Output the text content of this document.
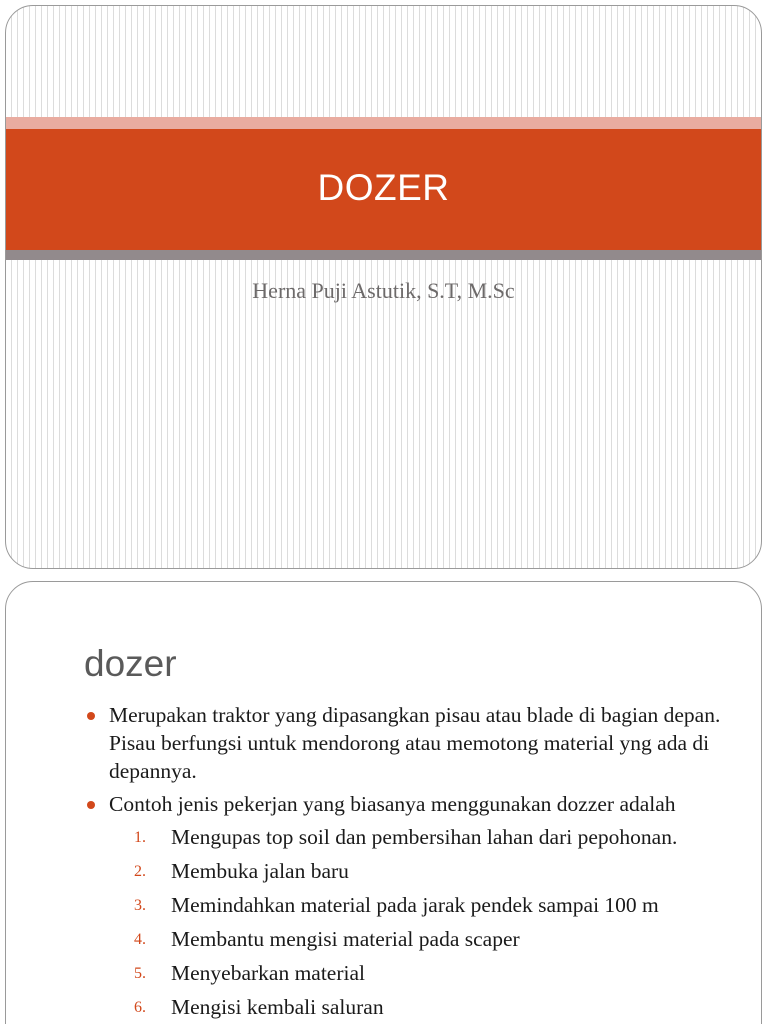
DOZER
Herna Puji Astutik, S.T, M.Sc
dozer
Merupakan traktor yang dipasangkan pisau atau blade di bagian depan. Pisau berfungsi untuk mendorong atau memotong material yng ada di depannya.
Contoh jenis pekerjan yang biasanya menggunakan dozzer adalah
1. Mengupas top soil dan pembersihan lahan dari pepohonan.
2. Membuka jalan baru
3. Memindahkan material pada jarak pendek sampai 100 m
4. Membantu mengisi material pada scaper
5. Menyebarkan material
6. Mengisi kembali saluran
